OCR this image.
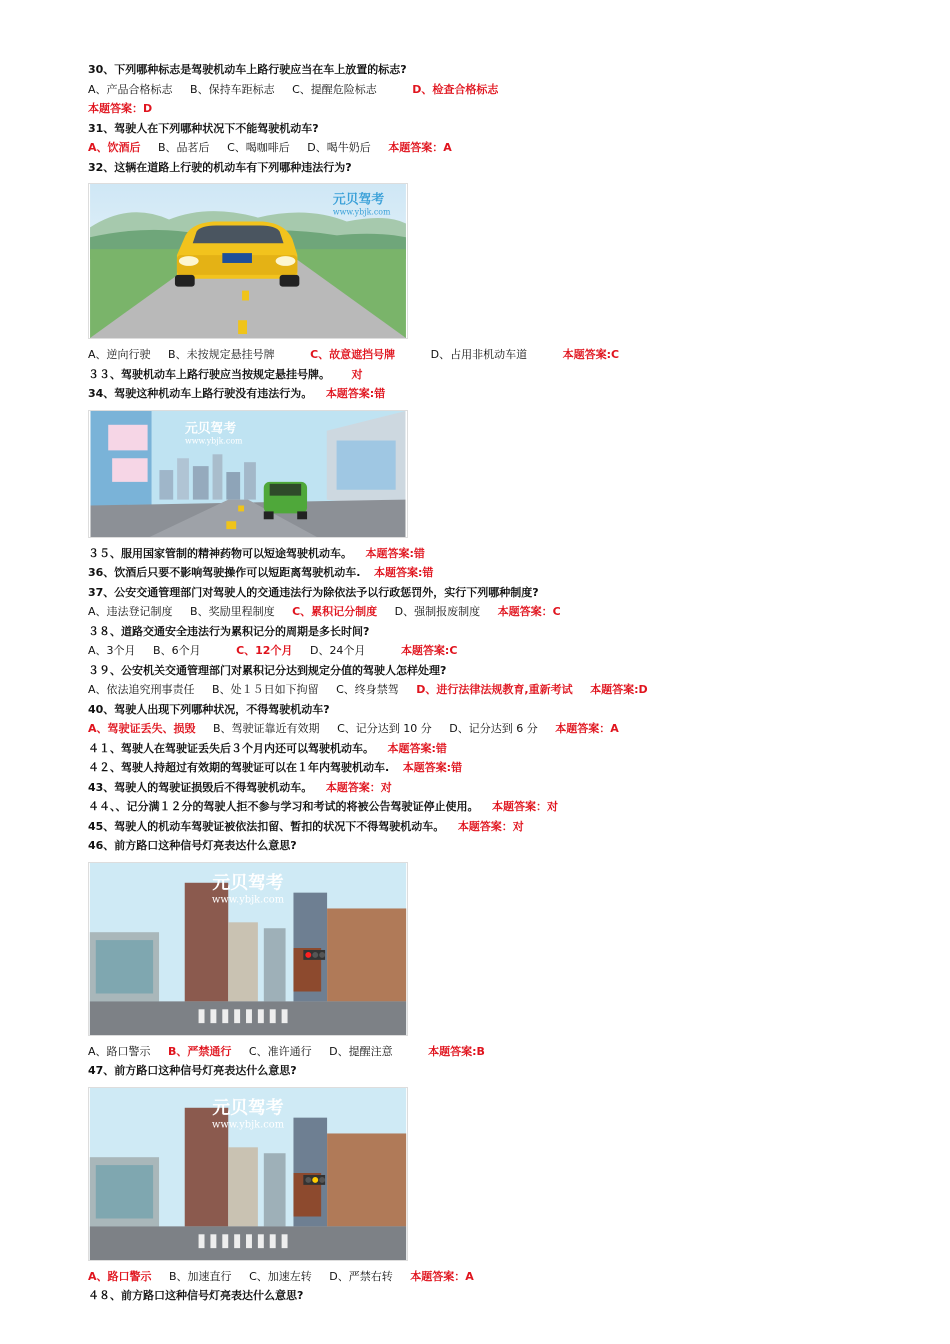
30、下列哪种标志是驾驶机动车上路行驶应当在车上放置的标志?
A、产品合格标志 B、保持车距标志 C、提醒危险标志	D、检查合格标志
本题答案：D
31、驾驶人在下列哪种状况下不能驾驶机动车?
A、饮酒后 B、品茗后 C、喝咖啡后 D、喝牛奶后 本题答案：A
32、这辆在道路上行驶的机动车有下列哪种违法行为?
元贝驾考
www.ybjk.com
A、逆向行驶 B、未按规定悬挂号牌	C、故意遮挡号牌	D、占用非机动车道	本题答案:C
３３、驾驶机动车上路行驶应当按规定悬挂号牌。 对
34、驾驶这种机动车上路行驶没有违法行为。 本题答案:错
元贝驾考
www.ybjk.com
３５、服用国家管制的精神药物可以短途驾驶机动车。 本题答案:错
36、饮酒后只要不影响驾驶操作可以短距离驾驶机动车. 本题答案:错
37、公安交通管理部门对驾驶人的交通违法行为除依法予以行政惩罚外，实行下列哪种制度?
A、违法登记制度 B、奖励里程制度 C、累积记分制度 D、强制报废制度 本题答案：C
３８、道路交通安全违法行为累积记分的周期是多长时间?
A、3个月 B、6个月	C、12个月 D、24个月	本题答案:C
３９、公安机关交通管理部门对累积记分达到规定分值的驾驶人怎样处理?
A、依法追究刑事责任 B、处１５日如下拘留 C、终身禁驾 D、进行法律法规教育,重新考试 本题答案:D
40、驾驶人出现下列哪种状况，不得驾驶机动车?
A、驾驶证丢失、损毁 B、驾驶证靠近有效期 C、记分达到 10 分 D、记分达到 6 分 本题答案：A
４１、驾驶人在驾驶证丢失后３个月内还可以驾驶机动车。 本题答案:错
４２、驾驶人持超过有效期的驾驶证可以在１年内驾驶机动车. 本题答案:错
43、驾驶人的驾驶证损毁后不得驾驶机动车。 本题答案：对
４４、、记分满１２分的驾驶人拒不参与学习和考试的将被公告驾驶证停止使用。 本题答案：对
45、驾驶人的机动车驾驶证被依法扣留、暂扣的状况下不得驾驶机动车。 本题答案：对
46、前方路口这种信号灯亮表达什么意思?
元贝驾考
www.ybjk.com
A、路口警示 B、严禁通行 C、准许通行 D、提醒注意	本题答案:B
47、前方路口这种信号灯亮表达什么意思?
元贝驾考
www.ybjk.com
A、路口警示 B、加速直行 C、加速左转 D、严禁右转 本题答案：A
４８、前方路口这种信号灯亮表达什么意思?
